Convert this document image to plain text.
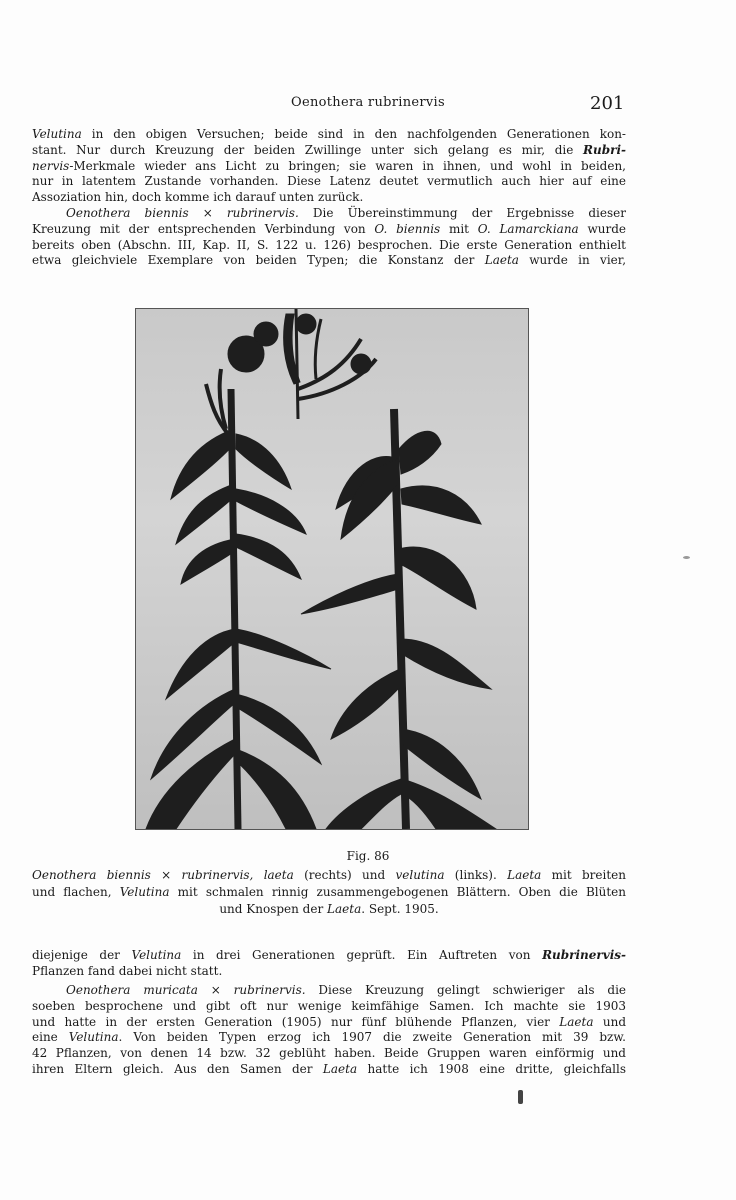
Oenothera rubrinervis	201
Velutina in den obigen Versuchen; beide sind in den nachfolgenden Generationen kon-
stant. Nur durch Kreuzung der beiden Zwillinge unter sich gelang es mir, die Rubri-
nervis-Merkmale wieder ans Licht zu bringen; sie waren in ihnen, und wohl in beiden,
nur in latentem Zustande vorhanden. Diese Latenz deutet vermutlich auch hier auf eine
Assoziation hin, doch komme ich darauf unten zurück.
Oenothera biennis × rubrinervis. Die Übereinstimmung der Ergebnisse dieser
Kreuzung mit der entsprechenden Verbindung von O. biennis mit O. Lamarckiana wurde
bereits oben (Abschn. III, Kap. II, S. 122 u. 126) besprochen. Die erste Generation enthielt
etwa gleichviele Exemplare von beiden Typen; die Konstanz der Laeta wurde in vier,
Fig. 86
Oenothera biennis × rubrinervis, laeta (rechts) und velutina (links). Laeta mit breiten
und flachen, Velutina mit schmalen rinnig zusammengebogenen Blättern. Oben die Blüten
und Knospen der Laeta. Sept. 1905.
diejenige der Velutina in drei Generationen geprüft. Ein Auftreten von Rubrinervis-
Pflanzen fand dabei nicht statt.
Oenothera muricata × rubrinervis. Diese Kreuzung gelingt schwieriger als die
soeben besprochene und gibt oft nur wenige keimfähige Samen. Ich machte sie 1903
und hatte in der ersten Generation (1905) nur fünf blühende Pflanzen, vier Laeta und
eine Velutina. Von beiden Typen erzog ich 1907 die zweite Generation mit 39 bzw.
42 Pflanzen, von denen 14 bzw. 32 geblüht haben. Beide Gruppen waren einförmig und
ihren Eltern gleich. Aus den Samen der Laeta hatte ich 1908 eine dritte, gleichfalls
